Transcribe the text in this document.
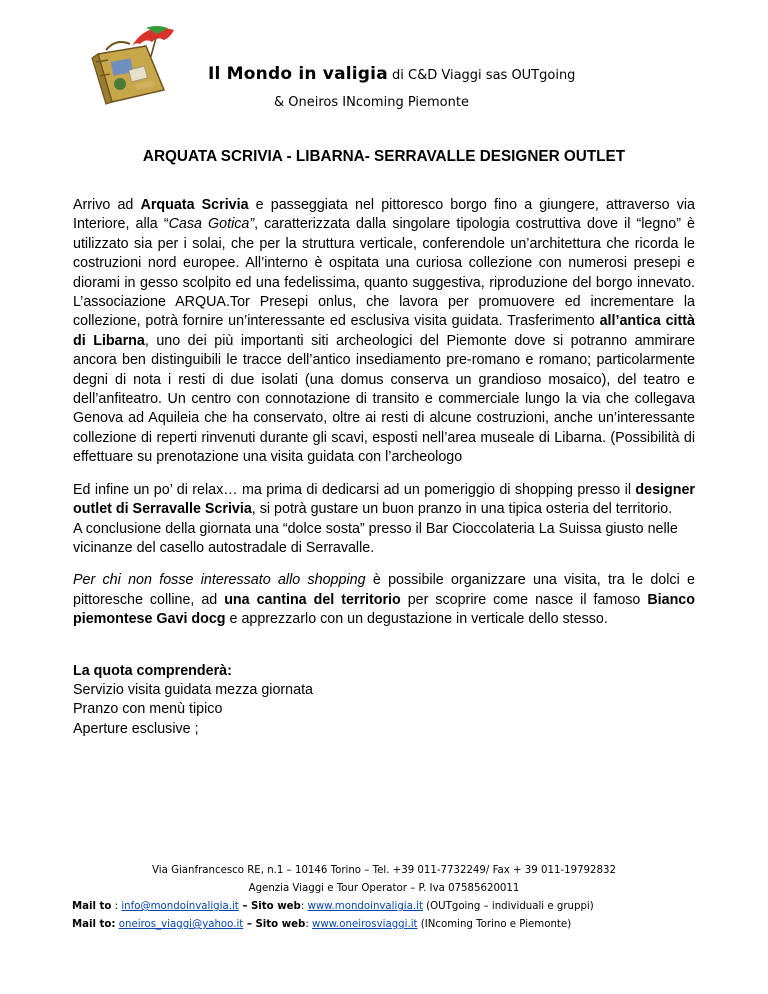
Il Mondo in valigia di C&D Viaggi sas OUTgoing
& Oneiros INcoming Piemonte
ARQUATA SCRIVIA - LIBARNA- SERRAVALLE DESIGNER OUTLET

Arrivo ad Arquata Scrivia e passeggiata nel pittoresco borgo fino a giungere, attraverso via Interiore, alla “Casa Gotica”, caratterizzata dalla singolare tipologia costruttiva dove il “legno” è utilizzato sia per i solai, che per la struttura verticale, conferendole un’architettura che ricorda le costruzioni nord europee. All’interno è ospitata una curiosa collezione con numerosi presepi e diorami in gesso scolpito ed una fedelissima, quanto suggestiva, riproduzione del borgo innevato. L’associazione ARQUA.Tor Presepi onlus, che lavora per promuovere ed incrementare la collezione, potrà fornire un’interessante ed esclusiva visita guidata. Trasferimento all’antica città di Libarna, uno dei più importanti siti archeologici del Piemonte dove si potranno ammirare ancora ben distinguibili le tracce dell’antico insediamento pre-romano e romano; particolarmente degni di nota i resti di due isolati (una domus conserva un grandioso mosaico), del teatro e dell’anfiteatro. Un centro con connotazione di transito e commerciale lungo la via che collegava Genova ad Aquileia che ha conservato, oltre ai resti di alcune costruzioni, anche un’interessante collezione di reperti rinvenuti durante gli scavi, esposti nell’area museale di Libarna. (Possibilità di effettuare su prenotazione una visita guidata con l’archeologo

Ed infine un po’ di relax… ma prima di dedicarsi ad un pomeriggio di shopping presso il designer outlet di Serravalle Scrivia, si potrà gustare un buon pranzo in una tipica osteria del territorio.

A conclusione della giornata una “dolce sosta” presso il Bar Cioccolateria La Suissa giusto nelle vicinanze del casello autostradale di Serravalle.

Per chi non fosse interessato allo shopping è possibile organizzare una visita, tra le dolci e pittoresche colline, ad una cantina del territorio per scoprire come nasce il famoso Bianco piemontese Gavi docg e apprezzarlo con un degustazione in verticale dello stesso.

La quota comprenderà:

Servizio visita guidata mezza giornata

Pranzo con menù tipico

Aperture esclusive ;

Via Gianfrancesco RE, n.1 – 10146 Torino – Tel. +39 011-7732249/ Fax + 39 011-19792832
Agenzia Viaggi e Tour Operator – P. Iva 07585620011
Mail to : info@mondoinvaligia.it – Sito web: www.mondoinvaligia.it (OUTgoing – individuali e gruppi)
Mail to: oneiros_viaggi@yahoo.it – Sito web: www.oneirosviaggi.it (INcoming Torino e Piemonte)
